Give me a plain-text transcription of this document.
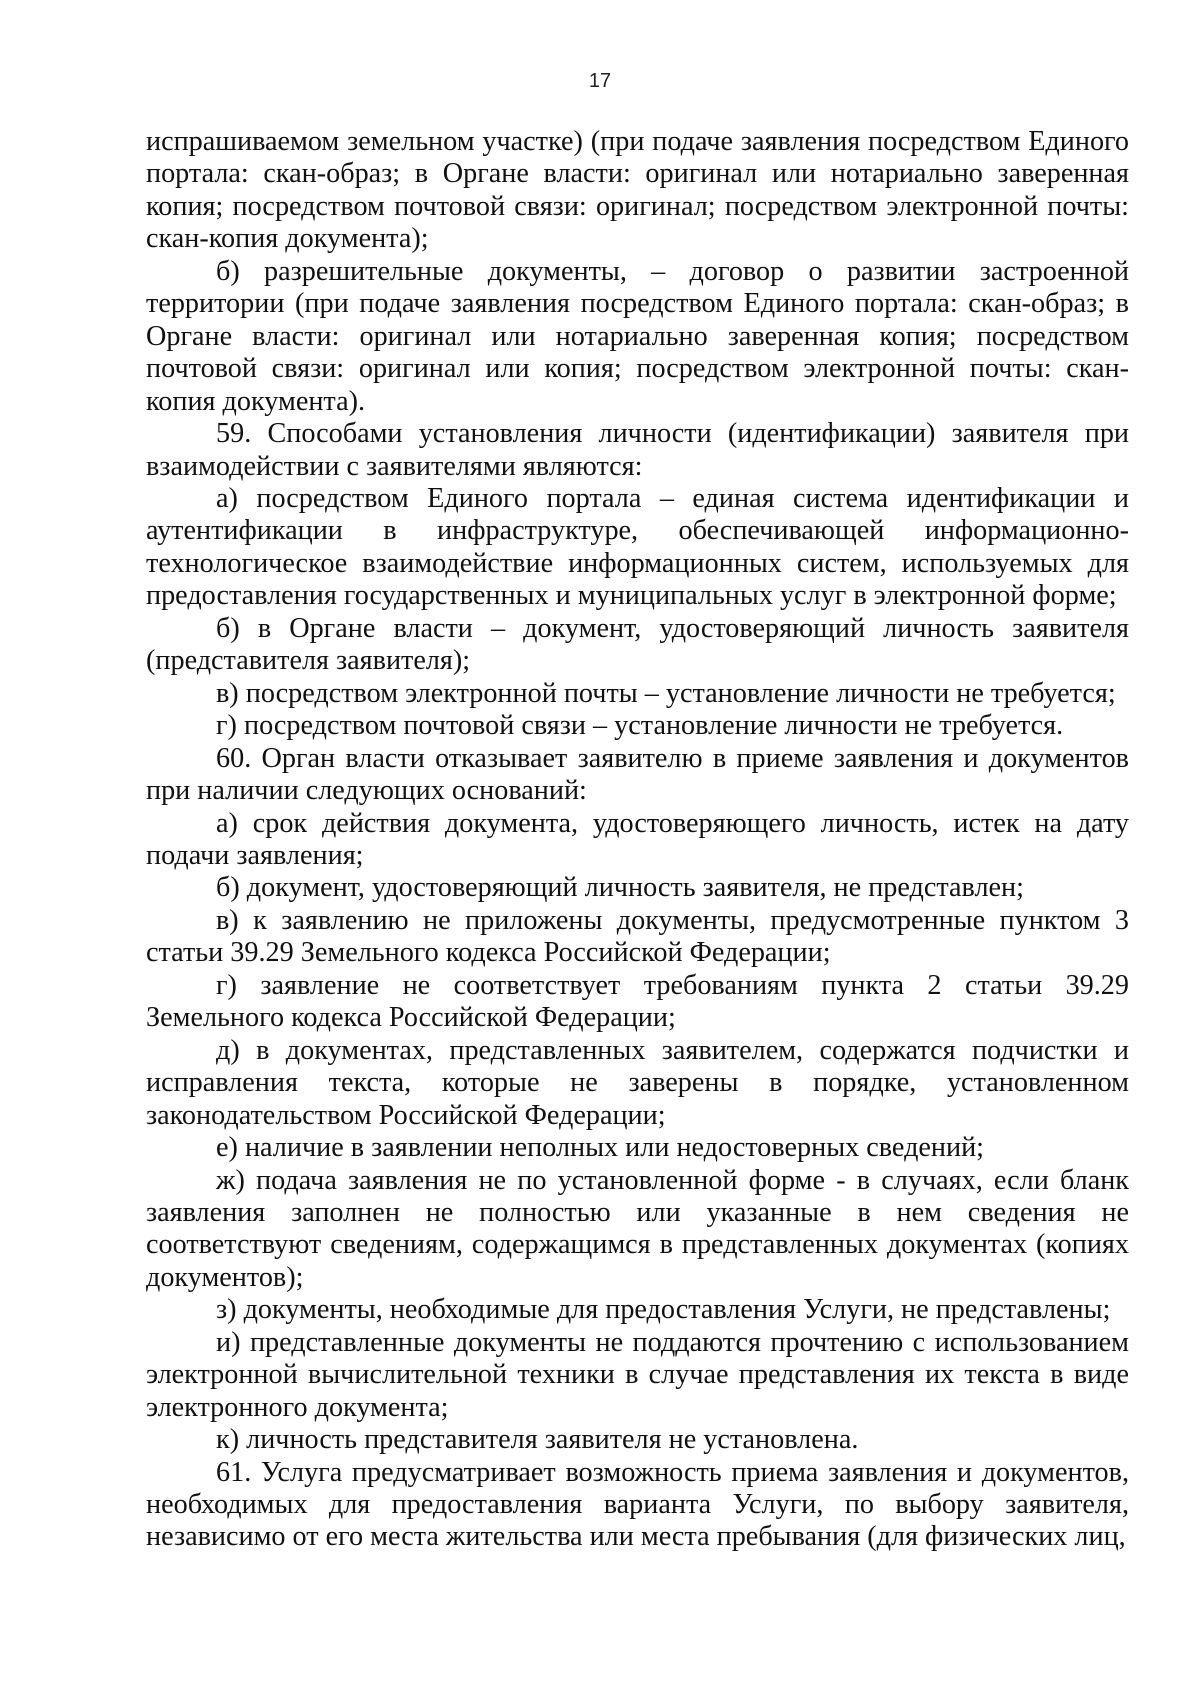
17

испрашиваемом земельном участке) (при подаче заявления посредством Единого портала: скан-образ; в Органе власти: оригинал или нотариально заверенная копия; посредством почтовой связи: оригинал; посредством электронной почты: скан-копия документа);

б) разрешительные документы, – договор о развитии застроенной территории (при подаче заявления посредством Единого портала: скан-образ; в Органе власти: оригинал или нотариально заверенная копия; посредством почтовой связи: оригинал или копия; посредством электронной почты: скан-копия документа).

59. Способами установления личности (идентификации) заявителя при взаимодействии с заявителями являются:

а) посредством Единого портала – единая система идентификации и аутентификации в инфраструктуре, обеспечивающей информационно-технологическое взаимодействие информационных систем, используемых для предоставления государственных и муниципальных услуг в электронной форме;

б) в Органе власти – документ, удостоверяющий личность заявителя (представителя заявителя);

в) посредством электронной почты – установление личности не требуется;

г) посредством почтовой связи – установление личности не требуется.

60. Орган власти отказывает заявителю в приеме заявления и документов при наличии следующих оснований:

а) срок действия документа, удостоверяющего личность, истек на дату подачи заявления;

б) документ, удостоверяющий личность заявителя, не представлен;

в) к заявлению не приложены документы, предусмотренные пунктом 3 статьи 39.29 Земельного кодекса Российской Федерации;

г) заявление не соответствует требованиям пункта 2 статьи 39.29 Земельного кодекса Российской Федерации;

д) в документах, представленных заявителем, содержатся подчистки и исправления текста, которые не заверены в порядке, установленном законодательством Российской Федерации;

е) наличие в заявлении неполных или недостоверных сведений;

ж) подача заявления не по установленной форме - в случаях, если бланк заявления заполнен не полностью или указанные в нем сведения не соответствуют сведениям, содержащимся в представленных документах (копиях документов);

з) документы, необходимые для предоставления Услуги, не представлены;

и) представленные документы не поддаются прочтению с использованием электронной вычислительной техники в случае представления их текста в виде электронного документа;

к) личность представителя заявителя не установлена.

61. Услуга предусматривает возможность приема заявления и документов, необходимых для предоставления варианта Услуги, по выбору заявителя, независимо от его места жительства или места пребывания (для физических лиц,
